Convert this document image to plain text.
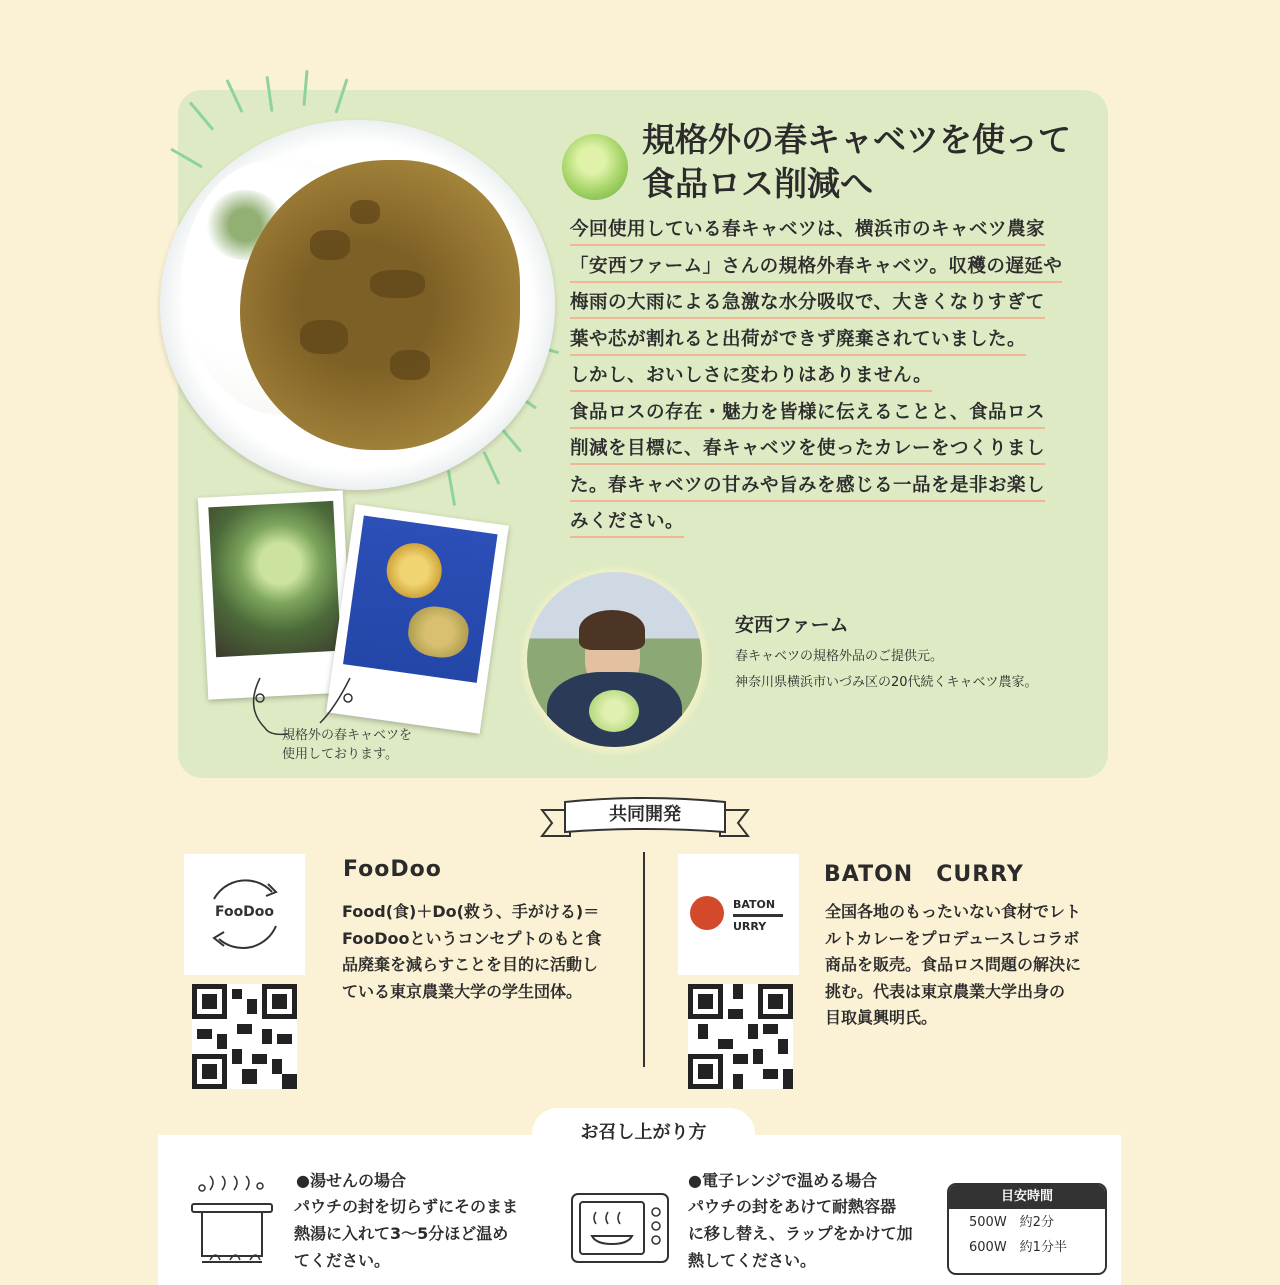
規格外の春キャベツを使って
食品ロス削減へ
今回使用している春キャベツは、横浜市のキャベツ農家
「安西ファーム」さんの規格外春キャベツ。収穫の遅延や
梅雨の大雨による急激な水分吸収で、大きくなりすぎて
葉や芯が割れると出荷ができず廃棄されていました。
しかし、おいしさに変わりはありません。
食品ロスの存在・魅力を皆様に伝えることと、食品ロス
削減を目標に、春キャベツを使ったカレーをつくりまし
た。春キャベツの甘みや旨みを感じる一品を是非お楽し
みください。
規格外の春キャベツを
使用しております。
安西ファーム
春キャベツの規格外品のご提供元。
神奈川県横浜市いづみ区の20代続くキャベツ農家。
共同開発
FooDoo
FooDoo
Food(食)＋Do(救う、手がける)＝
FooDooというコンセプトのもと食
品廃棄を減らすことを目的に活動し
ている東京農業大学の学生団体。
BATON
URRY
BATON　CURRY
全国各地のもったいない食材でレト
ルトカレーをプロデュースしコラボ
商品を販売。食品ロス問題の解決に
挑む。代表は東京農業大学出身の
目取眞興明氏。
お召し上がり方
●湯せんの場合
パウチの封を切らずにそのまま
熱湯に入れて3〜5分ほど温め
てください。
●電子レンジで温める場合
パウチの封をあけて耐熱容器
に移し替え、ラップをかけて加
熱してください。
目安時間
500W　約2分
600W　約1分半
